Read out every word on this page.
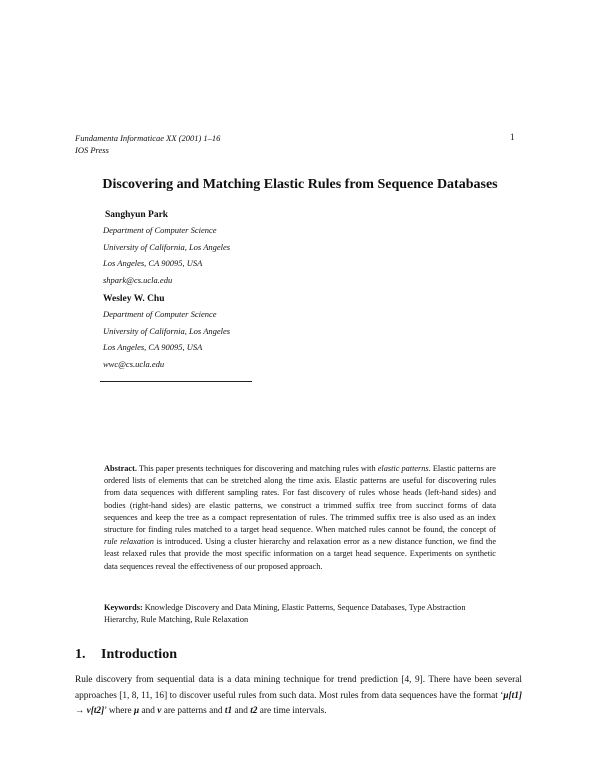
Fundamenta Informaticae XX (2001) 1–16
IOS Press
1
Discovering and Matching Elastic Rules from Sequence Databases
Sanghyun Park
Department of Computer Science
University of California, Los Angeles
Los Angeles, CA 90095, USA
shpark@cs.ucla.edu
Wesley W. Chu
Department of Computer Science
University of California, Los Angeles
Los Angeles, CA 90095, USA
wwc@cs.ucla.edu
Abstract. This paper presents techniques for discovering and matching rules with elastic patterns. Elastic patterns are ordered lists of elements that can be stretched along the time axis. Elastic patterns are useful for discovering rules from data sequences with different sampling rates. For fast discovery of rules whose heads (left-hand sides) and bodies (right-hand sides) are elastic patterns, we construct a trimmed suffix tree from succinct forms of data sequences and keep the tree as a compact representation of rules. The trimmed suffix tree is also used as an index structure for finding rules matched to a target head sequence. When matched rules cannot be found, the concept of rule relaxation is introduced. Using a cluster hierarchy and relaxation error as a new distance function, we find the least relaxed rules that provide the most specific information on a target head sequence. Experiments on synthetic data sequences reveal the effectiveness of our proposed approach.
Keywords: Knowledge Discovery and Data Mining, Elastic Patterns, Sequence Databases, Type Abstraction Hierarchy, Rule Matching, Rule Relaxation
1. Introduction
Rule discovery from sequential data is a data mining technique for trend prediction [4, 9]. There have been several approaches [1, 8, 11, 16] to discover useful rules from such data. Most rules from data sequences have the format ‘μ[t1] → ν[t2]’ where μ and ν are patterns and t1 and t2 are time intervals.
